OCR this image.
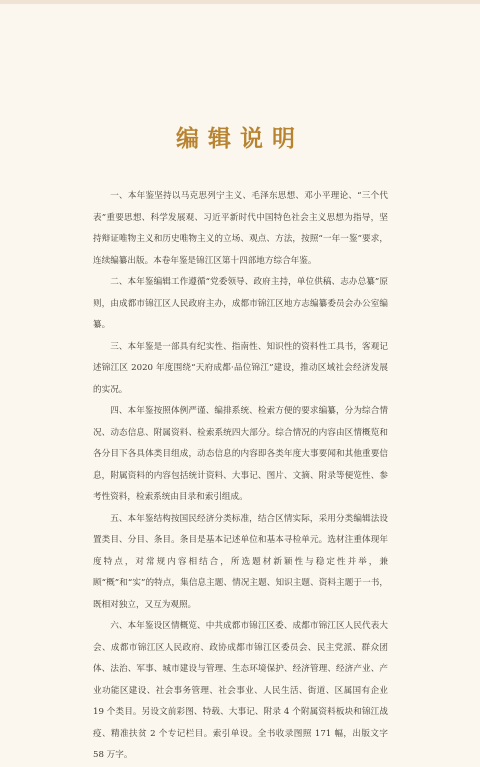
编辑说明

一、本年鉴坚持以马克思列宁主义、毛泽东思想、邓小平理论、“三个代表”重要思想、科学发展观、习近平新时代中国特色社会主义思想为指导，坚持辩证唯物主义和历史唯物主义的立场、观点、方法，按照“一年一鉴”要求，连续编纂出版。本卷年鉴是锦江区第十四部地方综合年鉴。

二、本年鉴编辑工作遵循“党委领导、政府主持，单位供稿、志办总纂”原则，由成都市锦江区人民政府主办，成都市锦江区地方志编纂委员会办公室编纂。

三、本年鉴是一部具有纪实性、指南性、知识性的资料性工具书，客观记述锦江区 2020 年度围绕“天府成都·品位锦江”建设，推动区域社会经济发展的实况。

四、本年鉴按照体例严谨、编排系统、检索方便的要求编纂，分为综合情况、动态信息、附属资料、检索系统四大部分。综合情况的内容由区情概览和各分目下各具体类目组成，动态信息的内容即各类年度大事要闻和其他重要信息，附属资料的内容包括统计资料、大事记、图片、文摘、附录等便览性、参考性资料，检索系统由目录和索引组成。

五、本年鉴结构按国民经济分类标准，结合区情实际，采用分类编辑法设置类目、分目、条目。条目是基本记述单位和基本寻检单元。选材注重体现年度特点，对常规内容相结合，所选题材新颖性与稳定性并举，兼顾“概”和“实”的特点，集信息主题、情况主题、知识主题、资料主题于一书，既相对独立，又互为观照。

六、本年鉴设区情概览、中共成都市锦江区委、成都市锦江区人民代表大会、成都市锦江区人民政府、政协成都市锦江区委员会、民主党派、群众团体、法治、军事、城市建设与管理、生态环境保护、经济管理、经济产业、产业功能区建设、社会事务管理、社会事业、人民生活、街道、区属国有企业 19 个类目。另设文前彩图、特载、大事记、附录 4 个附属资料板块和锦江战疫、精准扶贫 2 个专记栏目。索引单设。全书收录图照 171 幅，出版文字 58 万字。
